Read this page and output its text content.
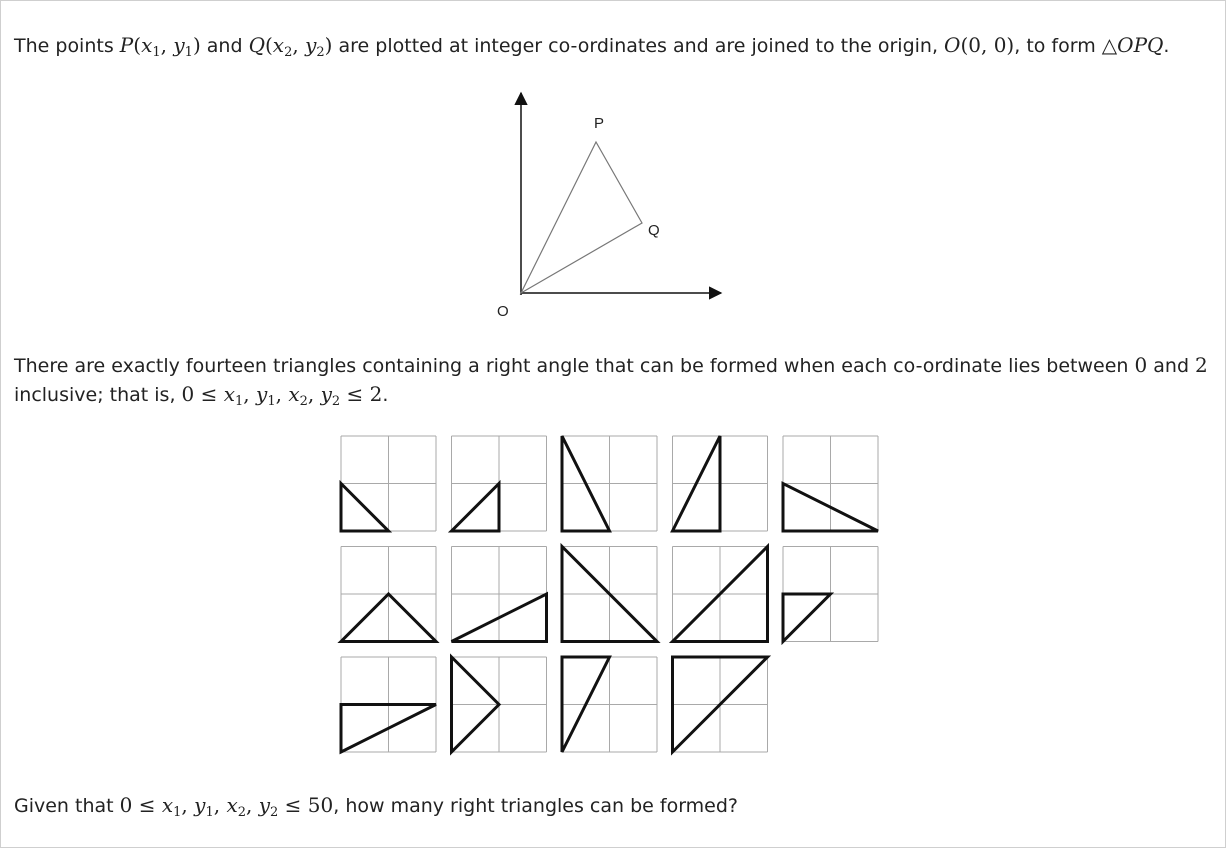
The points $P(x_1$, $y_1$) and $Q(x_2$, $y_2$) are plotted at integer co-ordinates and are joined to the origin, O(0, 0), to form △OPQ.
P
Q
O
There are exactly fourteen triangles containing a right angle that can be formed when each co-ordinate lies between 0 and 2
inclusive; that is, $0 \le x_1$, $y_1$, $x_2$, $y_2 \le 2$.
Given that $0 \le x_1$, $y_1$, $x_2$, $y_2 \le 50$, how many right triangles can be formed?
